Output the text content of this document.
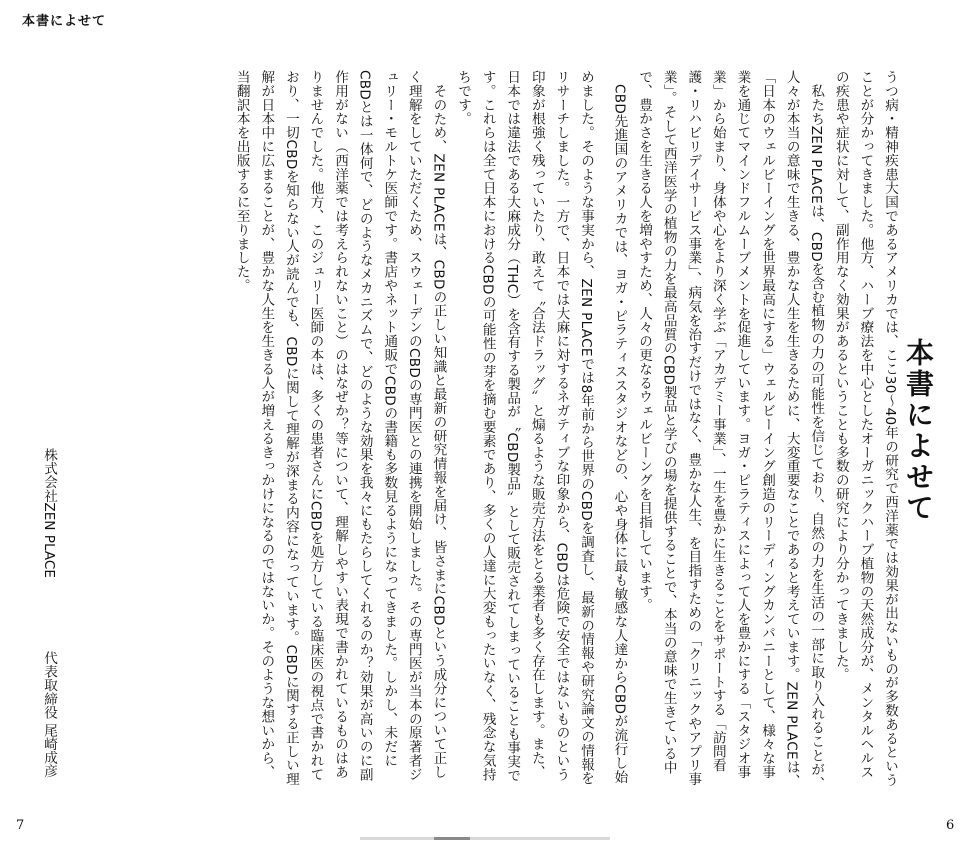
本書によせて
本書によせて

うつ病・精神疾患大国であるアメリカでは、ここ30〜40年の研究で西洋薬では効果が出ないものが多数あるということが分かってきました。他方、ハーブ療法を中心としたオーガニックハーブ植物の天然成分が、メンタルヘルスの疾患や症状に対して、副作用なく効果があるということも多数の研究により分かってきました。

私たちZEN PLACEは、CBDを含む植物の力の可能性を信じており、自然の力を生活の一部に取り入れることが、人々が本当の意味で生きる、豊かな人生を生きるために、大変重要なことであると考えています。ZEN PLACEは、「日本のウェルビーイングを世界最高にする」ウェルビーイング創造のリーディングカンパニーとして、様々な事業を通じてマインドフルムーブメントを促進しています。ヨガ・ピラティスによって人を豊かにする「スタジオ事業」から始まり、身体や心をより深く学ぶ「アカデミー事業」、一生を豊かに生きることをサポートする「訪問看護・リハビリデイサービス事業」、病気を治すだけではなく、豊かな人生、を目指すための「クリニックやアプリ事業」。そして西洋医学の植物の力を最高品質のCBD製品と学びの場を提供することで、本当の意味で生きている中で、豊かさを生きる人を増やすため、人々の更なるウェルビーングを目指しています。

CBD先進国のアメリカでは、ヨガ・ピラティススタジオなどの、心や身体に最も敏感な人達からCBDが流行し始

めました。そのような事実から、ZEN PLACEでは8年前から世界のCBDを調査し、最新の情報や研究論文の情報をリサーチしました。一方で、日本では大麻に対するネガティブな印象から、CBDは危険で安全ではないものという印象が根強く残っていたり、敢えて〝合法ドラッグ〟と煽るような販売方法をとる業者も多く存在します。また、日本では違法である大麻成分（THC）を含有する製品が〝CBD製品〟として販売されてしまっていることも事実です。これらは全て日本におけるCBDの可能性の芽を摘む要素であり、多くの人達に大変もったいなく、残念な気持ちです。

そのため、ZEN PLACEは、CBDの正しい知識と最新の研究情報を届け、皆さまにCBDという成分について正しく理解をしていただくため、スウェーデンのCBDの専門医との連携を開始しました。その専門医が当本の原著者ジュリー・モルトケ医師です。書店やネット通販でCBDの書籍も多数見るようになってきました。しかし、未だにCBDとは一体何で、どのようなメカニズムで、どのような効果を我々にもたらしてくれるのか？効果が高いのに副作用がない（西洋薬では考えられないこと）のはなぜか？等について、理解しやすい表現で書かれているものはありませんでした。他方、このジュリー医師の本は、多くの患者さんにCBDを処方している臨床医の視点で書かれており、一切CBDを知らない人が読んでも、CBDに関して理解が深まる内容になっています。CBDに関する正しい理解が日本中に広まることが、豊かな人生を生きる人が増えるきっかけになるのではないか。そのような想いから、当翻訳本を出版するに至りました。

株式会社ZEN PLACE
代表取締役 尾崎成彦
7	6
